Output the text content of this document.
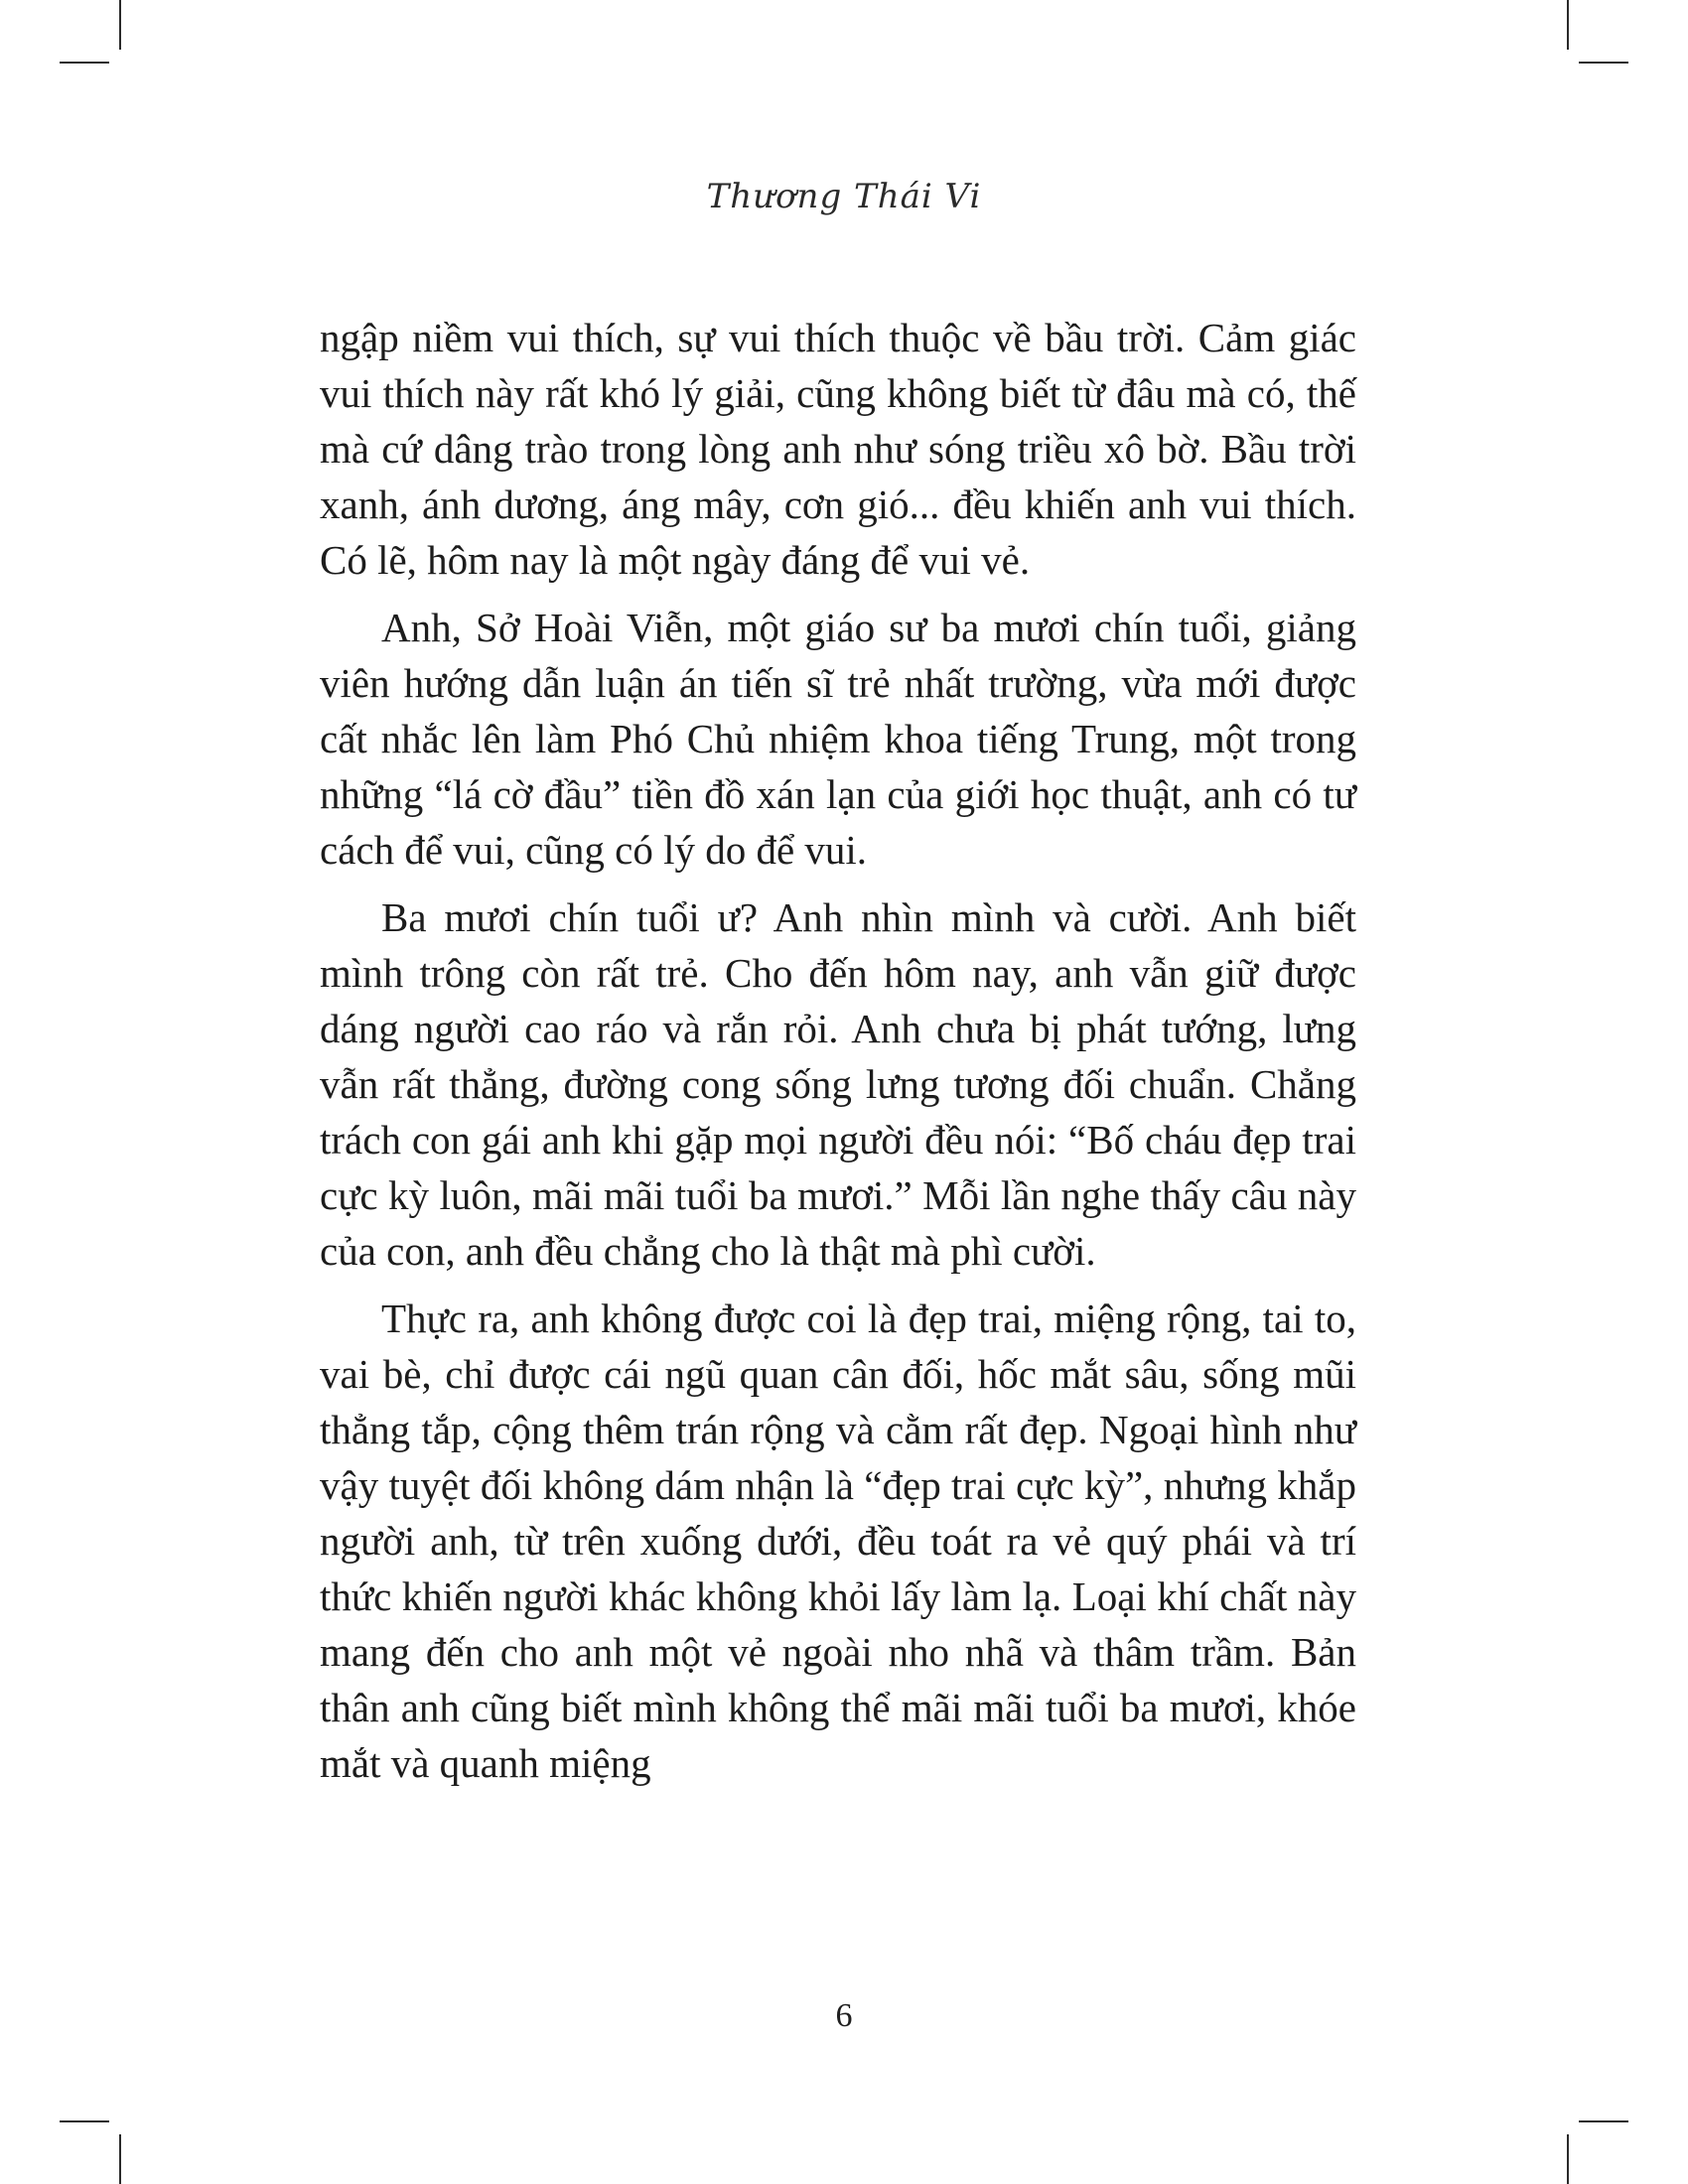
Thương Thái Vi

ngập niềm vui thích, sự vui thích thuộc về bầu trời. Cảm giác vui thích này rất khó lý giải, cũng không biết từ đâu mà có, thế mà cứ dâng trào trong lòng anh như sóng triều xô bờ. Bầu trời xanh, ánh dương, áng mây, cơn gió... đều khiến anh vui thích. Có lẽ, hôm nay là một ngày đáng để vui vẻ.

Anh, Sở Hoài Viễn, một giáo sư ba mươi chín tuổi, giảng viên hướng dẫn luận án tiến sĩ trẻ nhất trường, vừa mới được cất nhắc lên làm Phó Chủ nhiệm khoa tiếng Trung, một trong những “lá cờ đầu” tiền đồ xán lạn của giới học thuật, anh có tư cách để vui, cũng có lý do để vui.

Ba mươi chín tuổi ư? Anh nhìn mình và cười. Anh biết mình trông còn rất trẻ. Cho đến hôm nay, anh vẫn giữ được dáng người cao ráo và rắn rỏi. Anh chưa bị phát tướng, lưng vẫn rất thẳng, đường cong sống lưng tương đối chuẩn. Chẳng trách con gái anh khi gặp mọi người đều nói: “Bố cháu đẹp trai cực kỳ luôn, mãi mãi tuổi ba mươi.” Mỗi lần nghe thấy câu này của con, anh đều chẳng cho là thật mà phì cười.

Thực ra, anh không được coi là đẹp trai, miệng rộng, tai to, vai bè, chỉ được cái ngũ quan cân đối, hốc mắt sâu, sống mũi thẳng tắp, cộng thêm trán rộng và cằm rất đẹp. Ngoại hình như vậy tuyệt đối không dám nhận là “đẹp trai cực kỳ”, nhưng khắp người anh, từ trên xuống dưới, đều toát ra vẻ quý phái và trí thức khiến người khác không khỏi lấy làm lạ. Loại khí chất này mang đến cho anh một vẻ ngoài nho nhã và thâm trầm. Bản thân anh cũng biết mình không thể mãi mãi tuổi ba mươi, khóe mắt và quanh miệng

6
